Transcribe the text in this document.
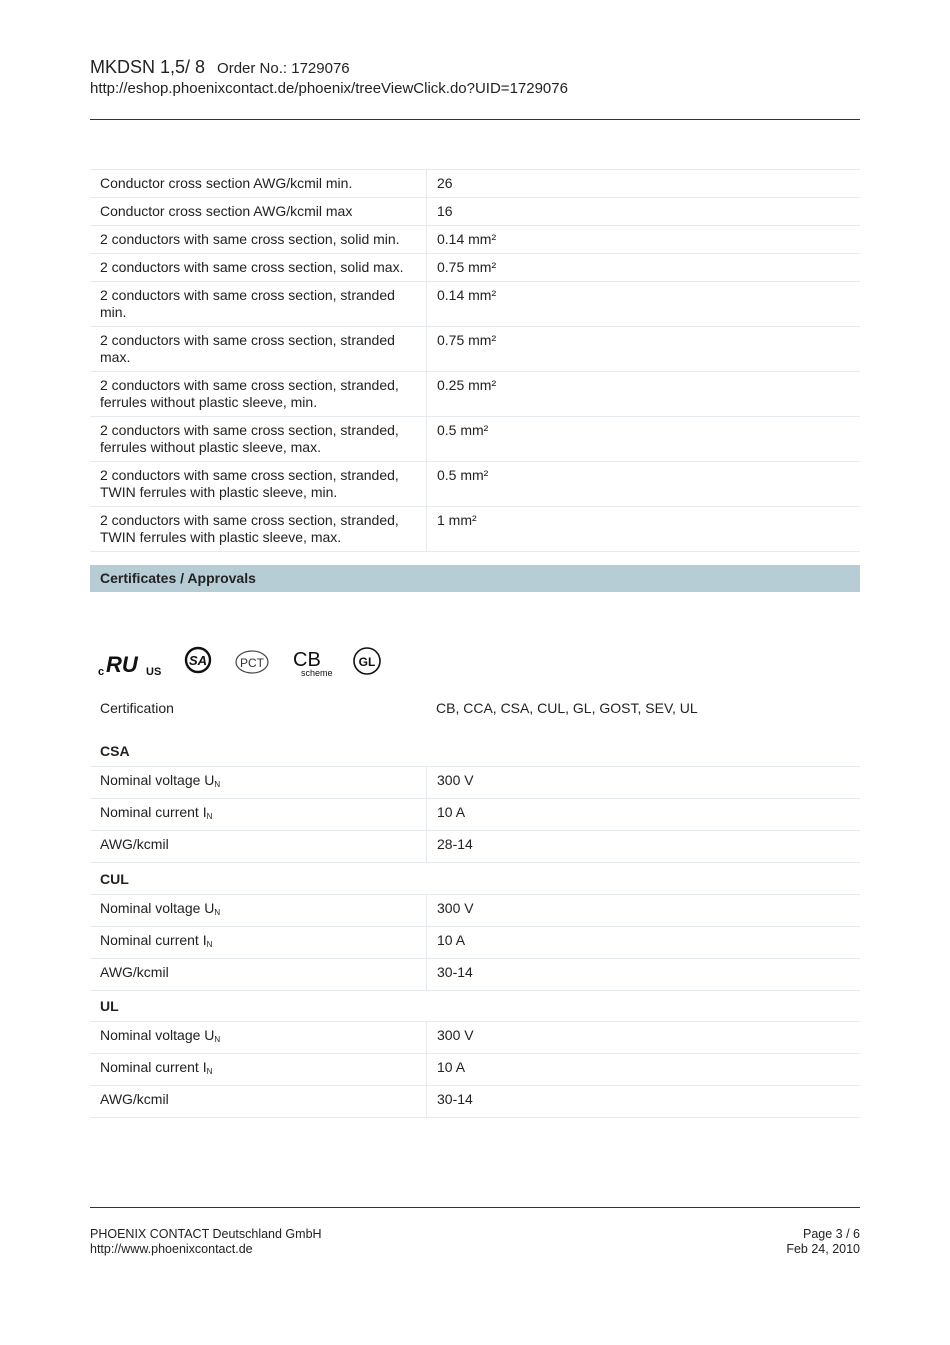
MKDSN 1,5/ 8 Order No.: 1729076
http://eshop.phoenixcontact.de/phoenix/treeViewClick.do?UID=1729076
Conductor cross section AWG/kcmil min.	26
Conductor cross section AWG/kcmil max	16
2 conductors with same cross section, solid min.	0.14 mm²
2 conductors with same cross section, solid max.	0.75 mm²
2 conductors with same cross section, stranded min.	0.14 mm²
2 conductors with same cross section, stranded max.	0.75 mm²
2 conductors with same cross section, stranded, ferrules without plastic sleeve, min.	0.25 mm²
2 conductors with same cross section, stranded, ferrules without plastic sleeve, max.	0.5 mm²
2 conductors with same cross section, stranded, TWIN ferrules with plastic sleeve, min.	0.5 mm²
2 conductors with same cross section, stranded, TWIN ferrules with plastic sleeve, max.	1 mm²
Certificates / Approvals
c RU US
SA	PCT CB
scheme
GL
Certification	CB, CCA, CSA, CUL, GL, GOST, SEV, UL
CSA
Nominal voltage $U_N$	300 V
Nominal current $I_N$	10 A
AWG/kcmil	28-14
CUL
Nominal voltage $U_N$	300 V
Nominal current $I_N$	10 A
AWG/kcmil	30-14
UL
Nominal voltage $U_N$	300 V
Nominal current $I_N$	10 A
AWG/kcmil	30-14
PHOENIX CONTACT Deutschland GmbH
http://www.phoenixcontact.de
Page 3 / 6
Feb 24, 2010
